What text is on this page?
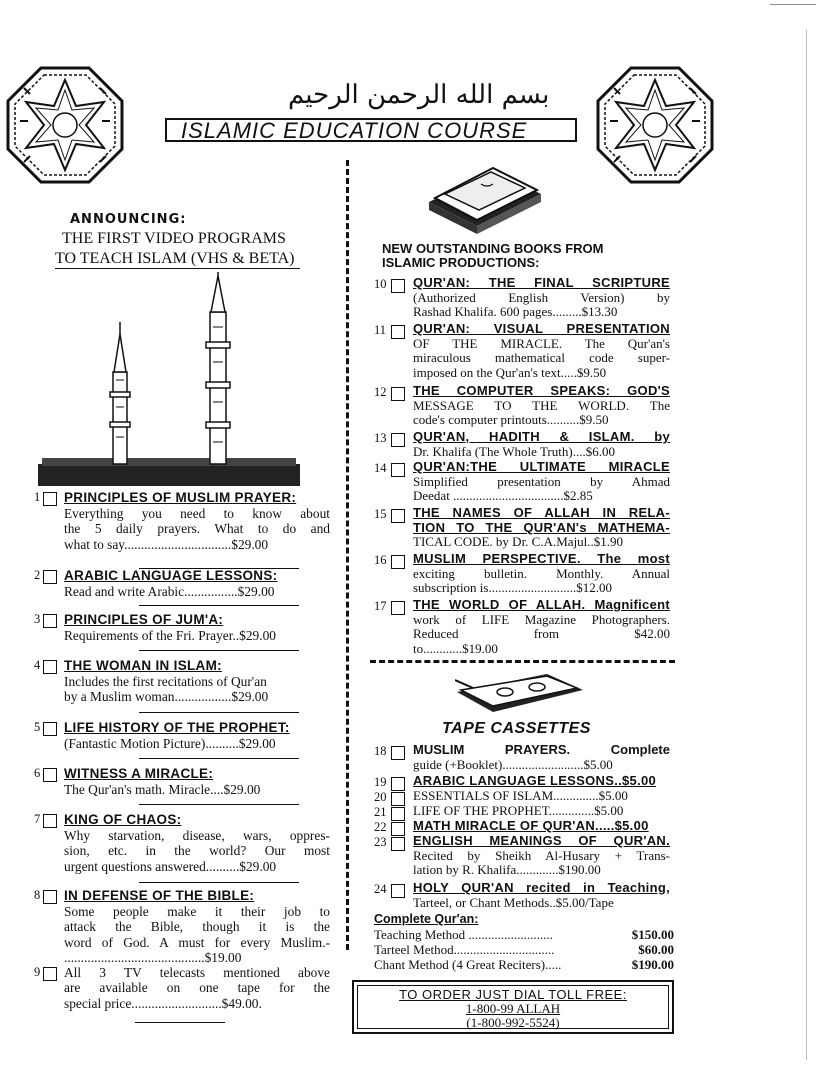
بسم الله الرحمن الرحيم
ISLAMIC EDUCATION COURSE
ANNOUNCING:
THE FIRST VIDEO PROGRAMS
TO TEACH ISLAM (VHS & BETA)
1 PRINCIPLES OF MUSLIM PRAYER:
Everything you need to know about
the 5 daily prayers. What to do and
what to say................................$29.00
2 ARABIC LANGUAGE LESSONS:
Read and write Arabic................$29.00
3 PRINCIPLES OF JUM'A:
Requirements of the Fri. Prayer..$29.00
4 THE WOMAN IN ISLAM:
Includes the first recitations of Qur'an
by a Muslim woman.................$29.00
5 LIFE HISTORY OF THE PROPHET:
(Fantastic Motion Picture)..........$29.00
6 WITNESS A MIRACLE:
The Qur'an's math. Miracle....$29.00
7 KING OF CHAOS:
Why starvation, disease, wars, oppres-
sion, etc. in the world? Our most
urgent questions answered..........$29.00
8 IN DEFENSE OF THE BIBLE:
Some people make it their job to
attack the Bible, though it is the
word of God. A must for every Muslim.-
..........................................$19.00
9 All 3 TV telecasts mentioned above
are available on one tape for the
special price...........................$49.00.
NEW OUTSTANDING BOOKS FROM
ISLAMIC PRODUCTIONS:
10 QUR'AN: THE FINAL SCRIPTURE
(Authorized English Version) by
Rashad Khalifa. 600 pages.........$13.30
11 QUR'AN: VISUAL PRESENTATION
OF THE MIRACLE. The Qur'an's
miraculous mathematical code super-
imposed on the Qur'an's text.....$9.50
12 THE COMPUTER SPEAKS: GOD'S
MESSAGE TO THE WORLD. The
code's computer printouts..........$9.50
13 QUR'AN, HADITH & ISLAM. by
Dr. Khalifa (The Whole Truth)....$6.00
14 QUR'AN:THE ULTIMATE MIRACLE
Simplified presentation by Ahmad
Deedat ..................................$2.85
15 THE NAMES OF ALLAH IN RELA-
TION TO THE QUR'AN's MATHEMA-
TICAL CODE. by Dr. C.A.Majul..$1.90
16 MUSLIM PERSPECTIVE. The most
exciting bulletin. Monthly. Annual
subscription is...........................$12.00
17 THE WORLD OF ALLAH. Magnificent
work of LIFE Magazine Photographers.
Reduced from $42.00
to............$19.00
TAPE CASSETTES
18 MUSLIM PRAYERS. Complete
guide (+Booklet).........................$5.00
19 ARABIC LANGUAGE LESSONS..$5.00
20 ESSENTIALS OF ISLAM..............$5.00
21 LIFE OF THE PROPHET..............$5.00
22 MATH MIRACLE OF QUR'AN.....$5.00
23 ENGLISH MEANINGS OF QUR'AN.
Recited by Sheikh Al-Husary + Trans-
lation by R. Khalifa.............$190.00
24 HOLY QUR'AN recited in Teaching,
Tarteel, or Chant Methods..$5.00/Tape
Complete Qur'an:
Teaching Method ..........................	$150.00
Tarteel Method...............................	$60.00
Chant Method (4 Great Reciters).....	$190.00
TO ORDER JUST DIAL TOLL FREE:
1-800-99 ALLAH
(1-800-992-5524)
